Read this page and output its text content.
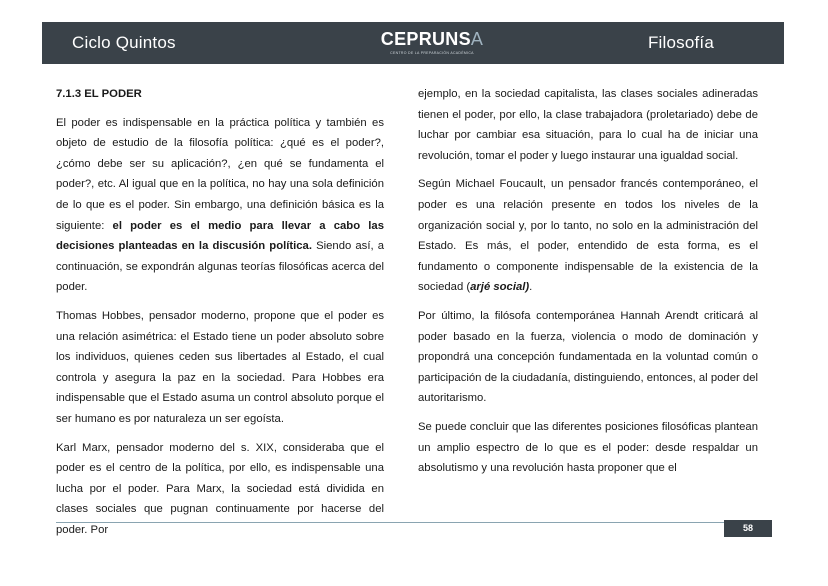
Ciclo Quintos	CEPRUNSA
CENTRO DE LA PREPARACIÓN ACADÉMICA
Filosofía

7.1.3 EL PODER

El poder es indispensable en la práctica política y también es objeto de estudio de la filosofía política: ¿qué es el poder?, ¿cómo debe ser su aplicación?, ¿en qué se fundamenta el poder?, etc. Al igual que en la política, no hay una sola definición de lo que es el poder. Sin embargo, una definición básica es la siguiente: el poder es el medio para llevar a cabo las decisiones planteadas en la discusión política. Siendo así, a continuación, se expondrán algunas teorías filosóficas acerca del poder.

Thomas Hobbes, pensador moderno, propone que el poder es una relación asimétrica: el Estado tiene un poder absoluto sobre los individuos, quienes ceden sus libertades al Estado, el cual controla y asegura la paz en la sociedad. Para Hobbes era indispensable que el Estado asuma un control absoluto porque el ser humano es por naturaleza un ser egoísta.

Karl Marx, pensador moderno del s. XIX, consideraba que el poder es el centro de la política, por ello, es indispensable una lucha por el poder. Para Marx, la sociedad está dividida en clases sociales que pugnan continuamente por hacerse del poder. Por

ejemplo, en la sociedad capitalista, las clases sociales adineradas tienen el poder, por ello, la clase trabajadora (proletariado) debe de luchar por cambiar esa situación, para lo cual ha de iniciar una revolución, tomar el poder y luego instaurar una igualdad social.

Según Michael Foucault, un pensador francés contemporáneo, el poder es una relación presente en todos los niveles de la organización social y, por lo tanto, no solo en la administración del Estado. Es más, el poder, entendido de esta forma, es el fundamento o componente indispensable de la existencia de la sociedad (arjé social).

Por último, la filósofa contemporánea Hannah Arendt criticará al poder basado en la fuerza, violencia o modo de dominación y propondrá una concepción fundamentada en la voluntad común o participación de la ciudadanía, distinguiendo, entonces, al poder del autoritarismo.

Se puede concluir que las diferentes posiciones filosóficas plantean un amplio espectro de lo que es el poder: desde respaldar un absolutismo y una revolución hasta proponer que el

58
